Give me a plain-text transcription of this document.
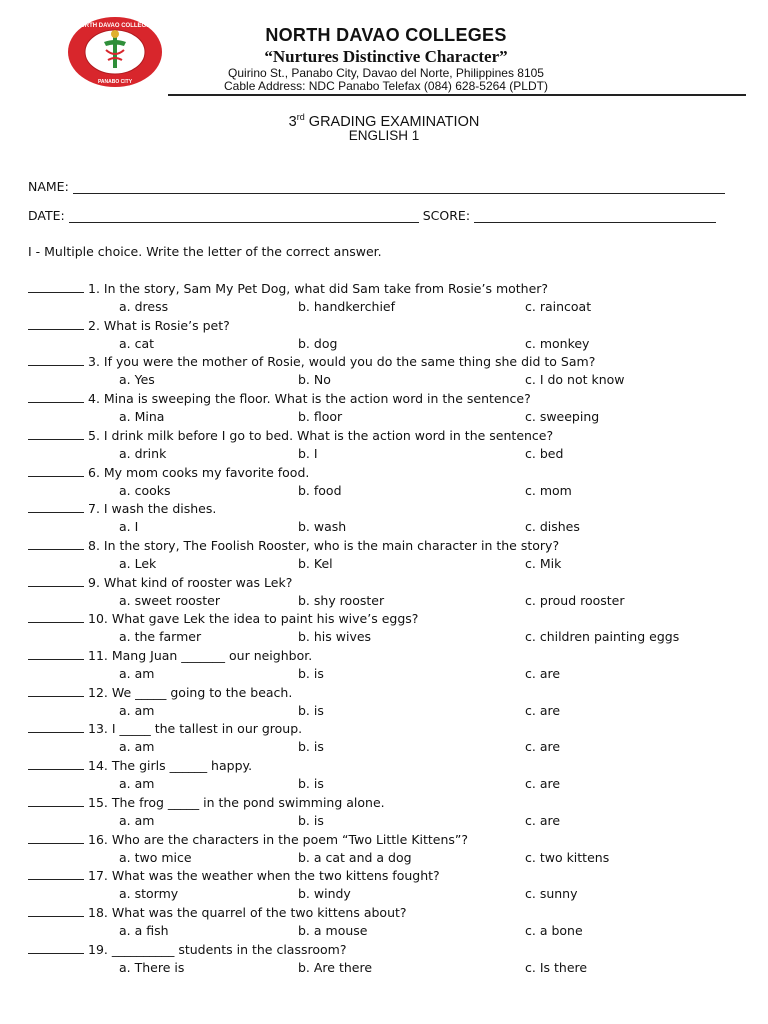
NORTH DAVAO COLLEGES
PANABO CITY
NORTH DAVAO COLLEGES
“Nurtures Distinctive Character”
Quirino St., Panabo City, Davao del Norte, Philippines 8105
Cable Address: NDC Panabo Telefax (084) 628-5264 (PLDT)
3rd GRADING EXAMINATION
ENGLISH 1
NAME:
DATE:	SCORE:
I - Multiple choice. Write the letter of the correct answer.
1. In the story, Sam My Pet Dog, what did Sam take from Rosie’s mother?
a. dress	b. handkerchief	c. raincoat
2. What is Rosie’s pet?
a. cat	b. dog	c. monkey
3. If you were the mother of Rosie, would you do the same thing she did to Sam?
a. Yes	b. No	c. I do not know
4. Mina is sweeping the floor. What is the action word in the sentence?
a. Mina	b. floor	c. sweeping
5. I drink milk before I go to bed. What is the action word in the sentence?
a. drink	b. I	c. bed
6. My mom cooks my favorite food.
a. cooks	b. food	c. mom
7. I wash the dishes.
a. I	b. wash	c. dishes
8. In the story, The Foolish Rooster, who is the main character in the story?
a. Lek	b. Kel	c. Mik
9. What kind of rooster was Lek?
a. sweet rooster	b. shy rooster	c. proud rooster
10. What gave Lek the idea to paint his wive’s eggs?
a. the farmer	b. his wives	c. children painting eggs
11. Mang Juan _______ our neighbor.
a. am	b. is	c. are
12. We _____ going to the beach.
a. am	b. is	c. are
13. I _____ the tallest in our group.
a. am	b. is	c. are
14. The girls ______ happy.
a. am	b. is	c. are
15. The frog _____ in the pond swimming alone.
a. am	b. is	c. are
16. Who are the characters in the poem “Two Little Kittens”?
a. two mice	b. a cat and a dog	c. two kittens
17. What was the weather when the two kittens fought?
a. stormy	b. windy	c. sunny
18. What was the quarrel of the two kittens about?
a. a fish	b. a mouse	c. a bone
19. __________ students in the classroom?
a. There is	b. Are there	c. Is there
